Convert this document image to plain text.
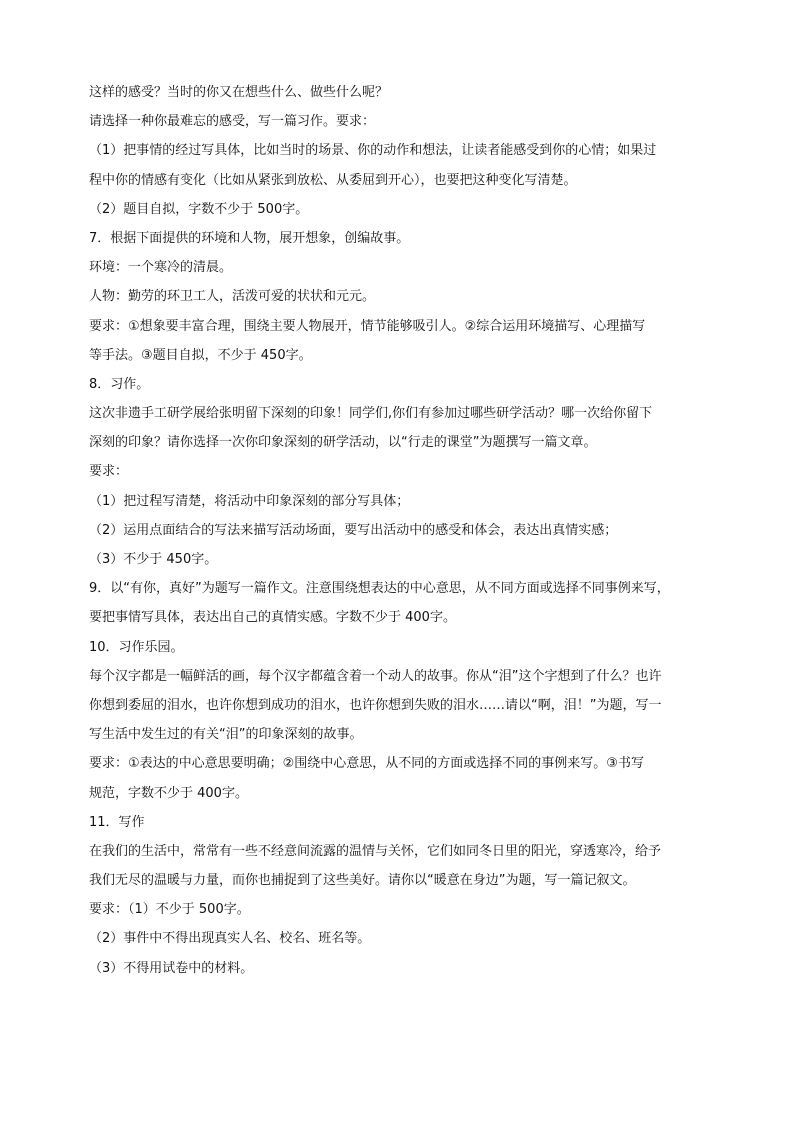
这样的感受？当时的你又在想些什么、做些什么呢？
请选择一种你最难忘的感受，写一篇习作。要求：
（1）把事情的经过写具体，比如当时的场景、你的动作和想法，让读者能感受到你的心情；如果过
程中你的情感有变化（比如从紧张到放松、从委屈到开心），也要把这种变化写清楚。
（2）题目自拟，字数不少于 500字。
7．根据下面提供的环境和人物，展开想象，创编故事。
环境：一个寒冷的清晨。
人物：勤劳的环卫工人，活泼可爱的状状和元元。
要求：①想象要丰富合理，围绕主要人物展开，情节能够吸引人。②综合运用环境描写、心理描写
等手法。③题目自拟，不少于 450字。
8．习作。
这次非遗手工研学展给张明留下深刻的印象！同学们,你们有参加过哪些研学活动？哪一次给你留下
深刻的印象？请你选择一次你印象深刻的研学活动，以“行走的课堂”为题撰写一篇文章。
要求：
（1）把过程写清楚，将活动中印象深刻的部分写具体；
（2）运用点面结合的写法来描写活动场面，要写出活动中的感受和体会，表达出真情实感；
（3）不少于 450字。
9．以“有你，真好”为题写一篇作文。注意围绕想表达的中心意思，从不同方面或选择不同事例来写，
要把事情写具体，表达出自己的真情实感。字数不少于 400字。
10．习作乐园。
每个汉字都是一幅鲜活的画，每个汉字都蕴含着一个动人的故事。你从“泪”这个字想到了什么？也许
你想到委屈的泪水，也许你想到成功的泪水，也许你想到失败的泪水……请以“啊，泪！”为题，写一
写生活中发生过的有关“泪”的印象深刻的故事。
要求：①表达的中心意思要明确；②围绕中心意思，从不同的方面或选择不同的事例来写。③书写
规范，字数不少于 400字。
11．写作
在我们的生活中，常常有一些不经意间流露的温情与关怀，它们如同冬日里的阳光，穿透寒冷，给予
我们无尽的温暖与力量，而你也捕捉到了这些美好。请你以“暖意在身边”为题，写一篇记叙文。
要求：（1）不少于 500字。
（2）事件中不得出现真实人名、校名、班名等。
（3）不得用试卷中的材料。
